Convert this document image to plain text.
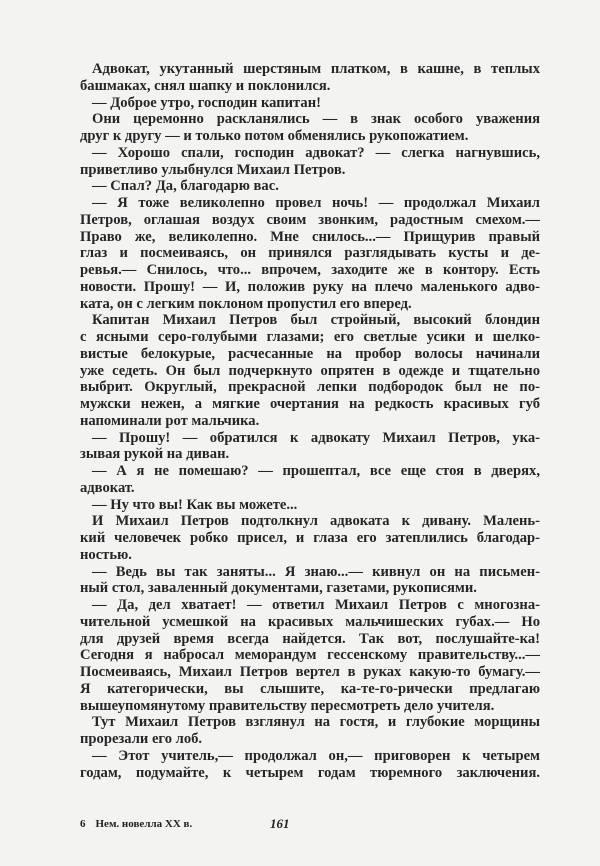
Адвокат, укутанный шерстяным платком, в кашне, в теплых
башмаках, снял шапку и поклонился.
— Доброе утро, господин капитан!
Они церемонно раскланялись — в знак особого уважения
друг к другу — и только потом обменялись рукопожатием.
— Хорошо спали, господин адвокат? — слегка нагнувшись,
приветливо улыбнулся Михаил Петров.
— Спал? Да, благодарю вас.
— Я тоже великолепно провел ночь! — продолжал Михаил
Петров, оглашая воздух своим звонким, радостным смехом.—
Право же, великолепно. Мне снилось...— Прищурив правый
глаз и посмеиваясь, он принялся разглядывать кусты и де-
ревья.— Снилось, что... впрочем, заходите же в контору. Есть
новости. Прошу! — И, положив руку на плечо маленького адво-
ката, он с легким поклоном пропустил его вперед.
Капитан Михаил Петров был стройный, высокий блондин
с ясными серо-голубыми глазами; его светлые усики и шелко-
вистые белокурые, расчесанные на пробор волосы начинали
уже седеть. Он был подчеркнуто опрятен в одежде и тщательно
выбрит. Округлый, прекрасной лепки подбородок был не по-
мужски нежен, а мягкие очертания на редкость красивых губ
напоминали рот мальчика.
— Прошу! — обратился к адвокату Михаил Петров, ука-
зывая рукой на диван.
— А я не помешаю? — прошептал, все еще стоя в дверях,
адвокат.
— Ну что вы! Как вы можете...
И Михаил Петров подтолкнул адвоката к дивану. Малень-
кий человечек робко присел, и глаза его затеплились благодар-
ностью.
— Ведь вы так заняты... Я знаю...— кивнул он на письмен-
ный стол, заваленный документами, газетами, рукописями.
— Да, дел хватает! — ответил Михаил Петров с многозна-
чительной усмешкой на красивых мальчишеских губах.— Но
для друзей время всегда найдется. Так вот, послушайте-ка!
Сегодня я набросал меморандум гессенскому правительству...—
Посмеиваясь, Михаил Петров вертел в руках какую-то бумагу.—
Я категорически, вы слышите, ка-те-го-рически предлагаю
вышеупомянутому правительству пересмотреть дело учителя.
Тут Михаил Петров взглянул на гостя, и глубокие морщины
прорезали его лоб.
— Этот учитель,— продолжал он,— приговорен к четырем
годам, подумайте, к четырем годам тюремного заключения.
6 Нем. новелла XX в.	161
